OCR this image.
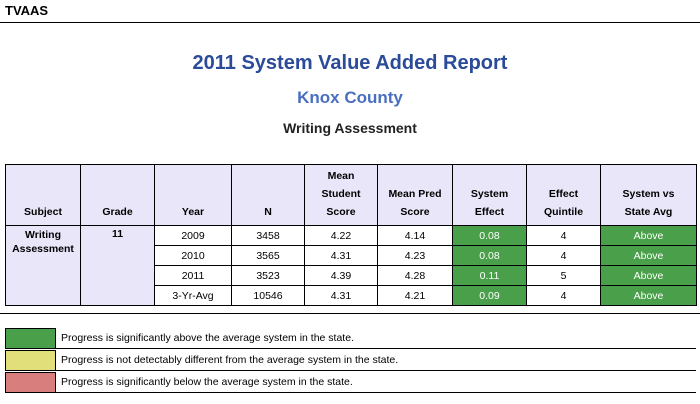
TVAAS
2011 System Value Added Report
Knox County
Writing Assessment
Subject	Grade	Year	N	Mean Student Score	Mean Pred Score	System Effect	Effect Quintile	System vs State Avg
Writing
Assessment	11	2009	3458	4.22	4.14	0.08	4	Above
		2010	3565	4.31	4.23	0.08	4	Above
		2011	3523	4.39	4.28	0.11	5	Above
		3-Yr-Avg	10546	4.31	4.21	0.09	4	Above
Progress is significantly above the average system in the state.
Progress is not detectably different from the average system in the state.
Progress is significantly below the average system in the state.
